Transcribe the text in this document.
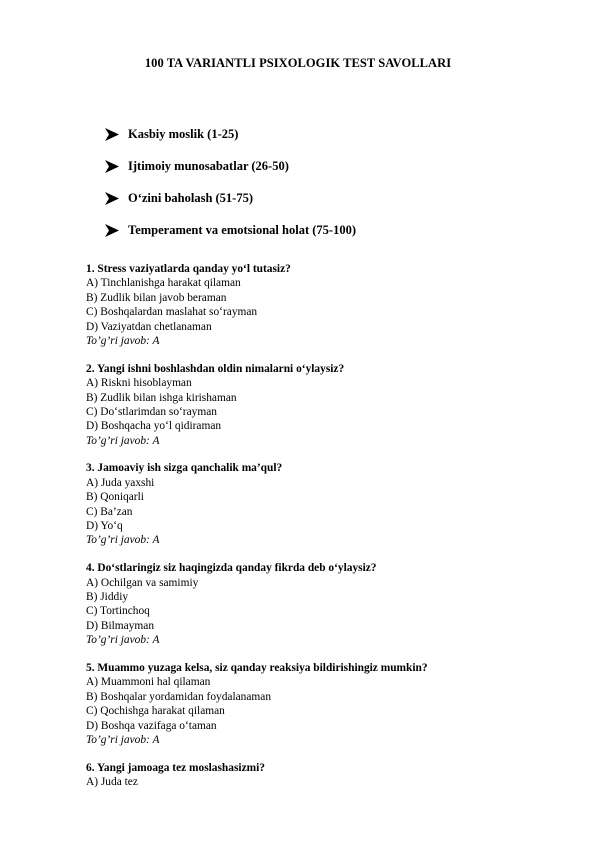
100 TA VARIANTLI PSIXOLOGIK TEST SAVOLLARI
Kasbiy moslik (1-25)
Ijtimoiy munosabatlar (26-50)
O‘zini baholash (51-75)
Temperament va emotsional holat (75-100)
1. Stress vaziyatlarda qanday yo‘l tutasiz?
A) Tinchlanishga harakat qilaman
B) Zudlik bilan javob beraman
C) Boshqalardan maslahat so‘rayman
D) Vaziyatdan chetlanaman
To’g’ri javob: A
2. Yangi ishni boshlashdan oldin nimalarni o‘ylaysiz?
A) Riskni hisoblayman
B) Zudlik bilan ishga kirishaman
C) Do‘stlarimdan so‘rayman
D) Boshqacha yo‘l qidiraman
To’g’ri javob: A
3. Jamoaviy ish sizga qanchalik ma’qul?
A) Juda yaxshi
B) Qoniqarli
C) Ba’zan
D) Yo‘q
To’g’ri javob: A
4. Do‘stlaringiz siz haqingizda qanday fikrda deb o‘ylaysiz?
A) Ochilgan va samimiy
B) Jiddiy
C) Tortinchoq
D) Bilmayman
To’g’ri javob: A
5. Muammo yuzaga kelsa, siz qanday reaksiya bildirishingiz mumkin?
A) Muammoni hal qilaman
B) Boshqalar yordamidan foydalanaman
C) Qochishga harakat qilaman
D) Boshqa vazifaga o‘taman
To’g’ri javob: A
6. Yangi jamoaga tez moslashasizmi?
A) Juda tez
